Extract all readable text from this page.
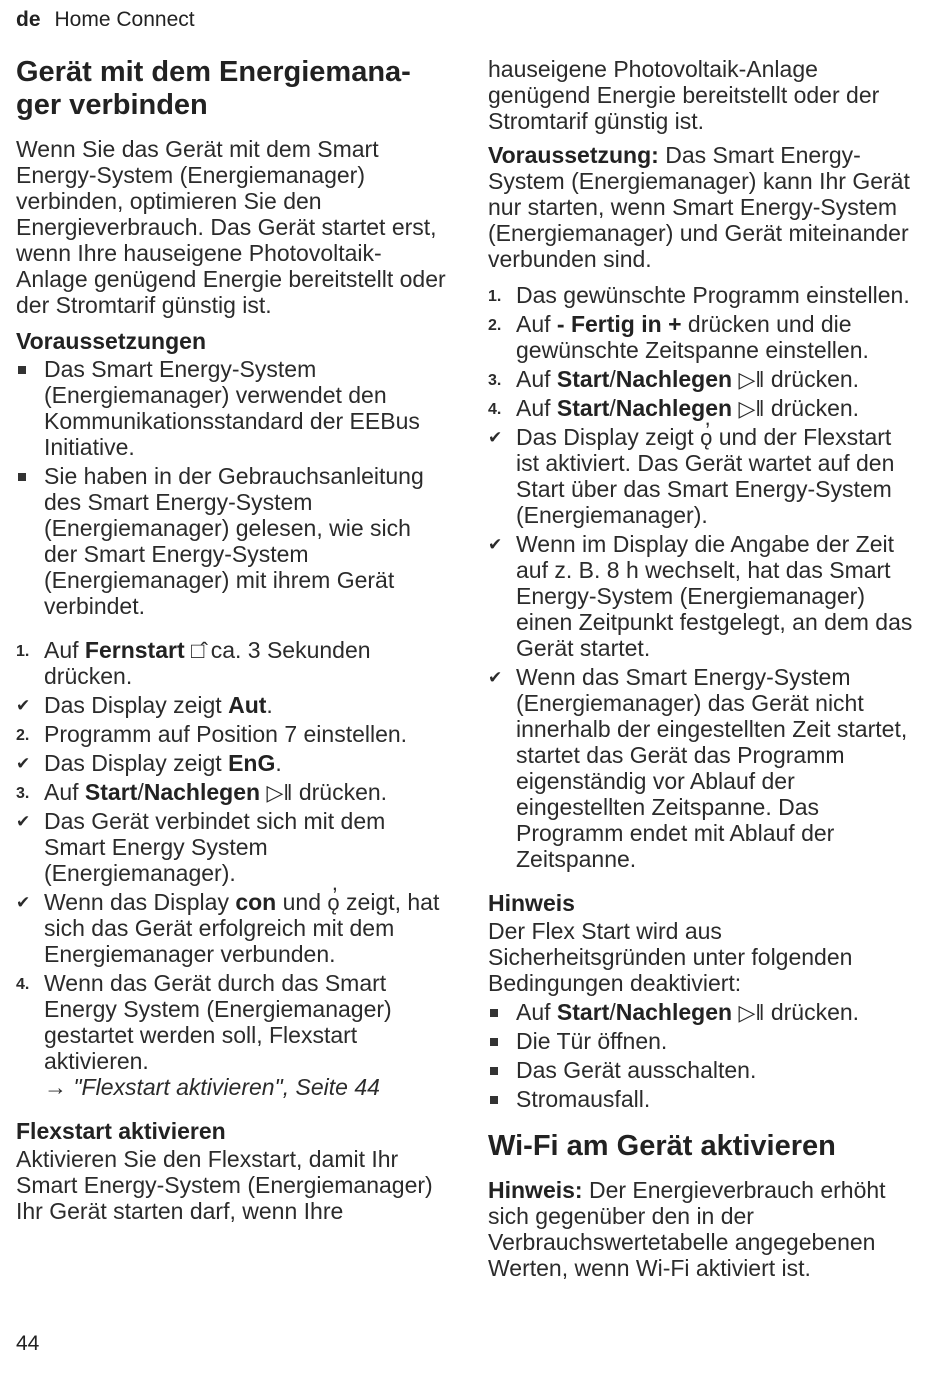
de Home Connect
Gerät mit dem Energiemana-
ger verbinden

Wenn Sie das Gerät mit dem Smart Energy-System (Energiemanager) verbinden, optimieren Sie den Energieverbrauch. Das Gerät startet erst, wenn Ihre hauseigene Photovoltaik-Anlage genügend Energie bereitstellt oder der Stromtarif günstig ist.

Voraussetzungen
Das Smart Energy-System (Energiemanager) verwendet den Kommunikationsstandard der EEBus Initiative.
Sie haben in der Gebrauchsanleitung des Smart Energy-System (Energiemanager) gelesen, wie sich der Smart Energy-System (Energiemanager) mit ihrem Gerät verbindet.
1. Auf Fernstart □̂ ca. 3 Sekunden drücken.
✔ Das Display zeigt Aut.
2. Programm auf Position 7 einstellen.
✔ Das Display zeigt EnG.
3. Auf Start/Nachlegen ▷‖ drücken.
✔ Das Gerät verbindet sich mit dem Smart Energy System (Energiemanager).
✔ Wenn das Display con und ǫ̓ zeigt, hat sich das Gerät erfolgreich mit dem Energiemanager verbunden.
4. Wenn das Gerät durch das Smart Energy System (Energiemanager) gestartet werden soll, Flexstart aktivieren.
→ "Flexstart aktivieren", Seite 44
Flexstart aktivieren

Aktivieren Sie den Flexstart, damit Ihr Smart Energy-System (Energiemanager) Ihr Gerät starten darf, wenn Ihre

hauseigene Photovoltaik-Anlage genügend Energie bereitstellt oder der Stromtarif günstig ist.

Voraussetzung: Das Smart Energy-System (Energiemanager) kann Ihr Gerät nur starten, wenn Smart Energy-System (Energiemanager) und Gerät miteinander verbunden sind.

1. Das gewünschte Programm einstellen.
2. Auf - Fertig in + drücken und die gewünschte Zeitspanne einstellen.
3. Auf Start/Nachlegen ▷‖ drücken.
4. Auf Start/Nachlegen ▷‖ drücken.
✔ Das Display zeigt ǫ̓ und der Flexstart ist aktiviert. Das Gerät wartet auf den Start über das Smart Energy-System (Energiemanager).
✔ Wenn im Display die Angabe der Zeit auf z. B. 8 h wechselt, hat das Smart Energy-System (Energiemanager) einen Zeitpunkt festgelegt, an dem das Gerät startet.
✔ Wenn das Smart Energy-System (Energiemanager) das Gerät nicht innerhalb der eingestellten Zeit startet, startet das Gerät das Programm eigenständig vor Ablauf der eingestellten Zeitspanne. Das Programm endet mit Ablauf der Zeitspanne.
Hinweis

Der Flex Start wird aus Sicherheitsgründen unter folgenden Bedingungen deaktiviert:

Auf Start/Nachlegen ▷‖ drücken.
Die Tür öffnen.
Das Gerät ausschalten.
Stromausfall.
Wi-Fi am Gerät aktivieren

Hinweis: Der Energieverbrauch erhöht sich gegenüber den in der Verbrauchswertetabelle angegebenen Werten, wenn Wi-Fi aktiviert ist.

44
